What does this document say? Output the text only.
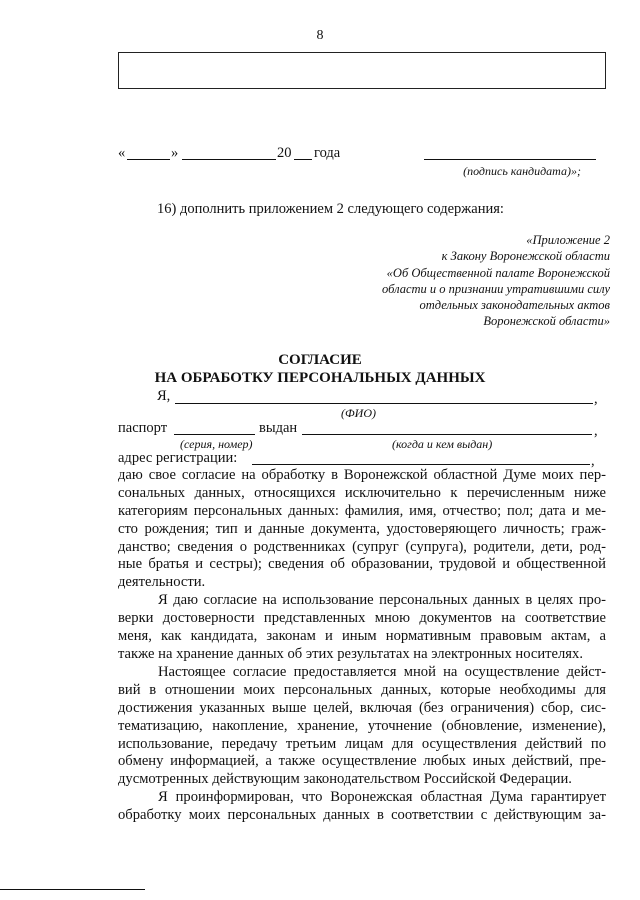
8
«	»	20 года
(подпись кандидата)»;
16) дополнить приложением 2 следующего содержания:
«Приложение 2
к Закону Воронежской области
«Об Общественной палате Воронежской
области и о признании утратившими силу
отдельных законодательных актов
Воронежской области»
СОГЛАСИЕ
НА ОБРАБОТКУ ПЕРСОНАЛЬНЫХ ДАННЫХ
Я,	,
(ФИО)
паспорт	выдан	,
(серия, номер)	(когда и кем выдан)
адрес регистрации:	,
даю свое согласие на обработку в Воронежской областной Думе моих пер-
сональных данных, относящихся исключительно к перечисленным ниже
категориям персональных данных: фамилия, имя, отчество; пол; дата и ме-
сто рождения; тип и данные документа, удостоверяющего личность; граж-
данство; сведения о родственниках (супруг (супруга), родители, дети, род-
ные братья и сестры); сведения об образовании, трудовой и общественной
деятельности.
Я даю согласие на использование персональных данных в целях про-
верки достоверности представленных мною документов на соответствие
меня, как кандидата, законам и иным нормативным правовым актам, а
также на хранение данных об этих результатах на электронных носителях.
Настоящее согласие предоставляется мной на осуществление дейст-
вий в отношении моих персональных данных, которые необходимы для
достижения указанных выше целей, включая (без ограничения) сбор, сис-
тематизацию, накопление, хранение, уточнение (обновление, изменение),
использование, передачу третьим лицам для осуществления действий по
обмену информацией, а также осуществление любых иных действий, пре-
дусмотренных действующим законодательством Российской Федерации.
Я проинформирован, что Воронежская областная Дума гарантирует
обработку моих персональных данных в соответствии с действующим за-
